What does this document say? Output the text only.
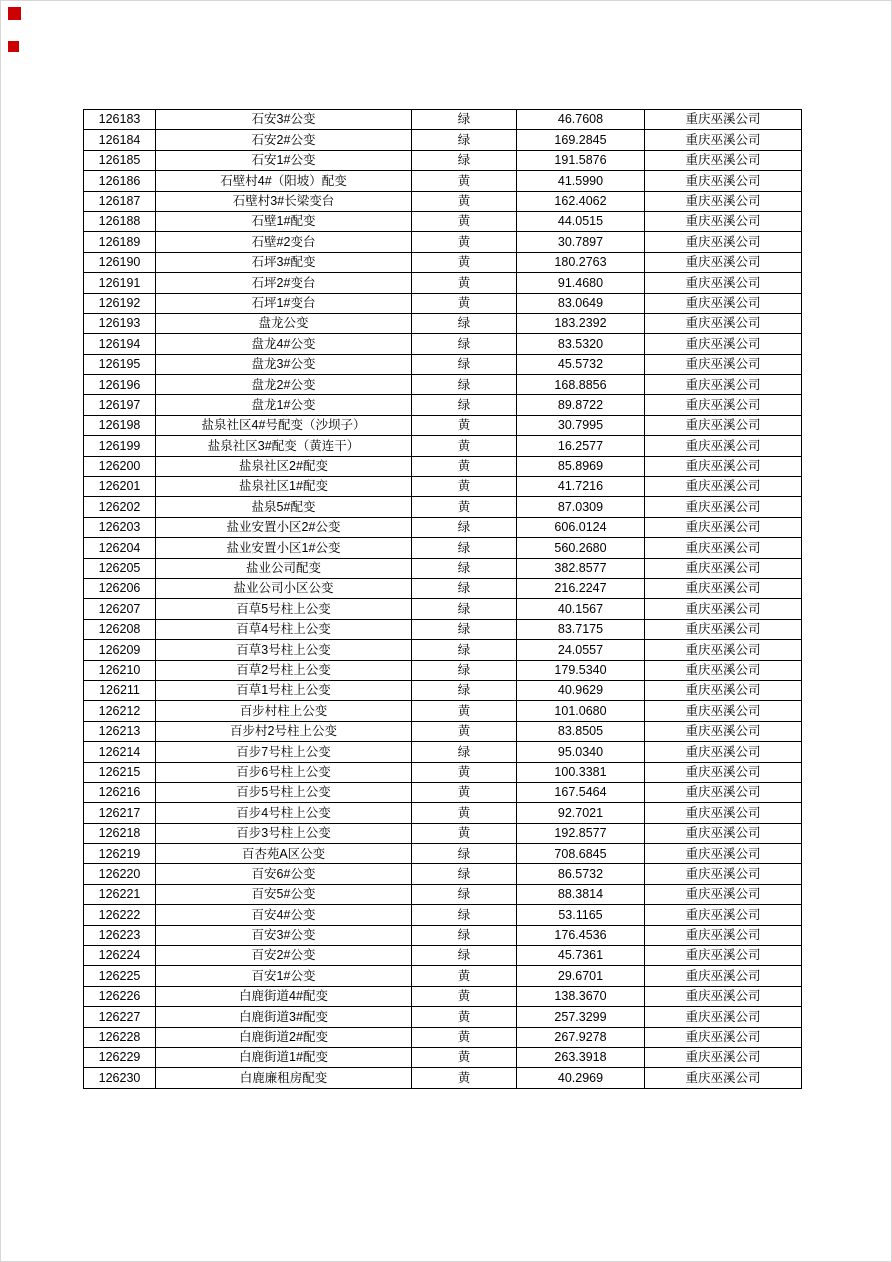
126183	石安3#公变	绿	46.7608	重庆巫溪公司
126184	石安2#公变	绿	169.2845	重庆巫溪公司
126185	石安1#公变	绿	191.5876	重庆巫溪公司
126186	石壁村4#（阳坡）配变	黄	41.5990	重庆巫溪公司
126187	石壁村3#长梁变台	黄	162.4062	重庆巫溪公司
126188	石壁1#配变	黄	44.0515	重庆巫溪公司
126189	石壁#2变台	黄	30.7897	重庆巫溪公司
126190	石坪3#配变	黄	180.2763	重庆巫溪公司
126191	石坪2#变台	黄	91.4680	重庆巫溪公司
126192	石坪1#变台	黄	83.0649	重庆巫溪公司
126193	盘龙公变	绿	183.2392	重庆巫溪公司
126194	盘龙4#公变	绿	83.5320	重庆巫溪公司
126195	盘龙3#公变	绿	45.5732	重庆巫溪公司
126196	盘龙2#公变	绿	168.8856	重庆巫溪公司
126197	盘龙1#公变	绿	89.8722	重庆巫溪公司
126198	盐泉社区4#号配变（沙坝子）	黄	30.7995	重庆巫溪公司
126199	盐泉社区3#配变（黄连干）	黄	16.2577	重庆巫溪公司
126200	盐泉社区2#配变	黄	85.8969	重庆巫溪公司
126201	盐泉社区1#配变	黄	41.7216	重庆巫溪公司
126202	盐泉5#配变	黄	87.0309	重庆巫溪公司
126203	盐业安置小区2#公变	绿	606.0124	重庆巫溪公司
126204	盐业安置小区1#公变	绿	560.2680	重庆巫溪公司
126205	盐业公司配变	绿	382.8577	重庆巫溪公司
126206	盐业公司小区公变	绿	216.2247	重庆巫溪公司
126207	百草5号柱上公变	绿	40.1567	重庆巫溪公司
126208	百草4号柱上公变	绿	83.7175	重庆巫溪公司
126209	百草3号柱上公变	绿	24.0557	重庆巫溪公司
126210	百草2号柱上公变	绿	179.5340	重庆巫溪公司
126211	百草1号柱上公变	绿	40.9629	重庆巫溪公司
126212	百步村柱上公变	黄	101.0680	重庆巫溪公司
126213	百步村2号柱上公变	黄	83.8505	重庆巫溪公司
126214	百步7号柱上公变	绿	95.0340	重庆巫溪公司
126215	百步6号柱上公变	黄	100.3381	重庆巫溪公司
126216	百步5号柱上公变	黄	167.5464	重庆巫溪公司
126217	百步4号柱上公变	黄	92.7021	重庆巫溪公司
126218	百步3号柱上公变	黄	192.8577	重庆巫溪公司
126219	百杏苑A区公变	绿	708.6845	重庆巫溪公司
126220	百安6#公变	绿	86.5732	重庆巫溪公司
126221	百安5#公变	绿	88.3814	重庆巫溪公司
126222	百安4#公变	绿	53.1165	重庆巫溪公司
126223	百安3#公变	绿	176.4536	重庆巫溪公司
126224	百安2#公变	绿	45.7361	重庆巫溪公司
126225	百安1#公变	黄	29.6701	重庆巫溪公司
126226	白鹿街道4#配变	黄	138.3670	重庆巫溪公司
126227	白鹿街道3#配变	黄	257.3299	重庆巫溪公司
126228	白鹿街道2#配变	黄	267.9278	重庆巫溪公司
126229	白鹿街道1#配变	黄	263.3918	重庆巫溪公司
126230	白鹿廉租房配变	黄	40.2969	重庆巫溪公司
